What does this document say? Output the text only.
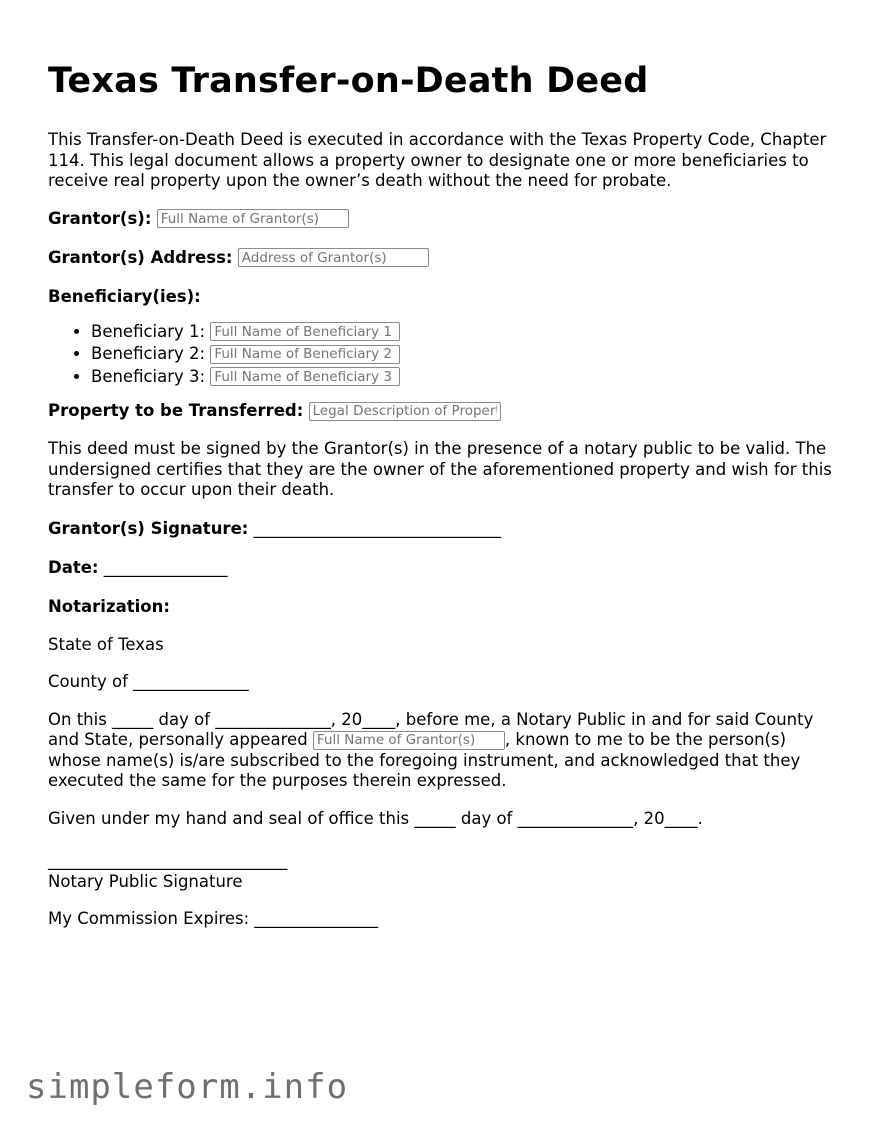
Texas Transfer-on-Death Deed

This Transfer-on-Death Deed is executed in accordance with the Texas Property Code, Chapter 114. This legal document allows a property owner to designate one or more beneficiaries to receive real property upon the owner’s death without the need for probate.

Grantor(s): Full Name of Grantor(s)
Grantor(s) Address: Address of Grantor(s)
Beneficiary(ies):
• Beneficiary 1: Full Name of Beneficiary 1
• Beneficiary 2: Full Name of Beneficiary 2
• Beneficiary 3: Full Name of Beneficiary 3
Property to be Transferred: Legal Description of Property

This deed must be signed by the Grantor(s) in the presence of a notary public to be valid. The undersigned certifies that they are the owner of the aforementioned property and wish for this transfer to occur upon their death.

Grantor(s) Signature: ______________________________
Date: _______________
Notarization:

State of Texas

County of ______________

On this _____ day of ______________, 20____, before me, a Notary Public in and for said County and State, personally appeared Full Name of Grantor(s)	, known to me to be the person(s) whose name(s) is/are subscribed to the foregoing instrument, and acknowledged that they executed the same for the purposes therein expressed.

Given under my hand and seal of office this _____ day of ______________, 20____.

_____________________________

Notary Public Signature

My Commission Expires: _______________

simpleform.info
